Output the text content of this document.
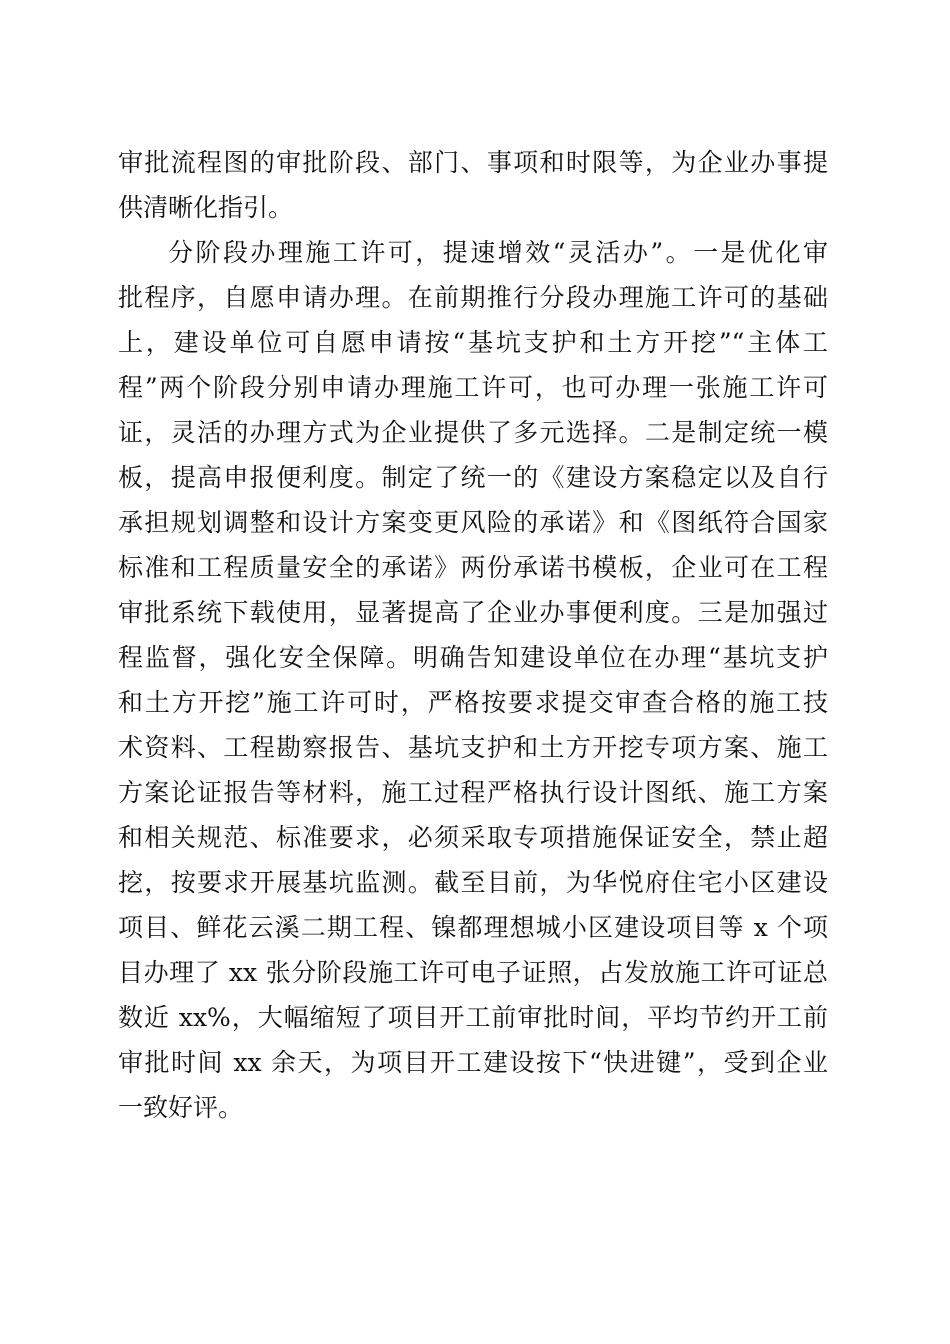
审批流程图的审批阶段、部门、事项和时限等，为企业办事提
供清晰化指引。
分阶段办理施工许可，提速增效“灵活办”。一是优化审
批程序，自愿申请办理。在前期推行分段办理施工许可的基础
上，建设单位可自愿申请按“基坑支护和土方开挖”“主体工
程”两个阶段分别申请办理施工许可，也可办理一张施工许可
证，灵活的办理方式为企业提供了多元选择。二是制定统一模
板，提高申报便利度。制定了统一的《建设方案稳定以及自行
承担规划调整和设计方案变更风险的承诺》和《图纸符合国家
标准和工程质量安全的承诺》两份承诺书模板，企业可在工程
审批系统下载使用，显著提高了企业办事便利度。三是加强过
程监督，强化安全保障。明确告知建设单位在办理“基坑支护
和土方开挖”施工许可时，严格按要求提交审查合格的施工技
术资料、工程勘察报告、基坑支护和土方开挖专项方案、施工
方案论证报告等材料，施工过程严格执行设计图纸、施工方案
和相关规范、标准要求，必须采取专项措施保证安全，禁止超
挖，按要求开展基坑监测。截至目前，为华悦府住宅小区建设
项目、鲜花云溪二期工程、镍都理想城小区建设项目等 x 个项
目办理了 xx 张分阶段施工许可电子证照，占发放施工许可证总
数近 xx%，大幅缩短了项目开工前审批时间，平均节约开工前
审批时间 xx 余天，为项目开工建设按下“快进键”，受到企业
一致好评。
